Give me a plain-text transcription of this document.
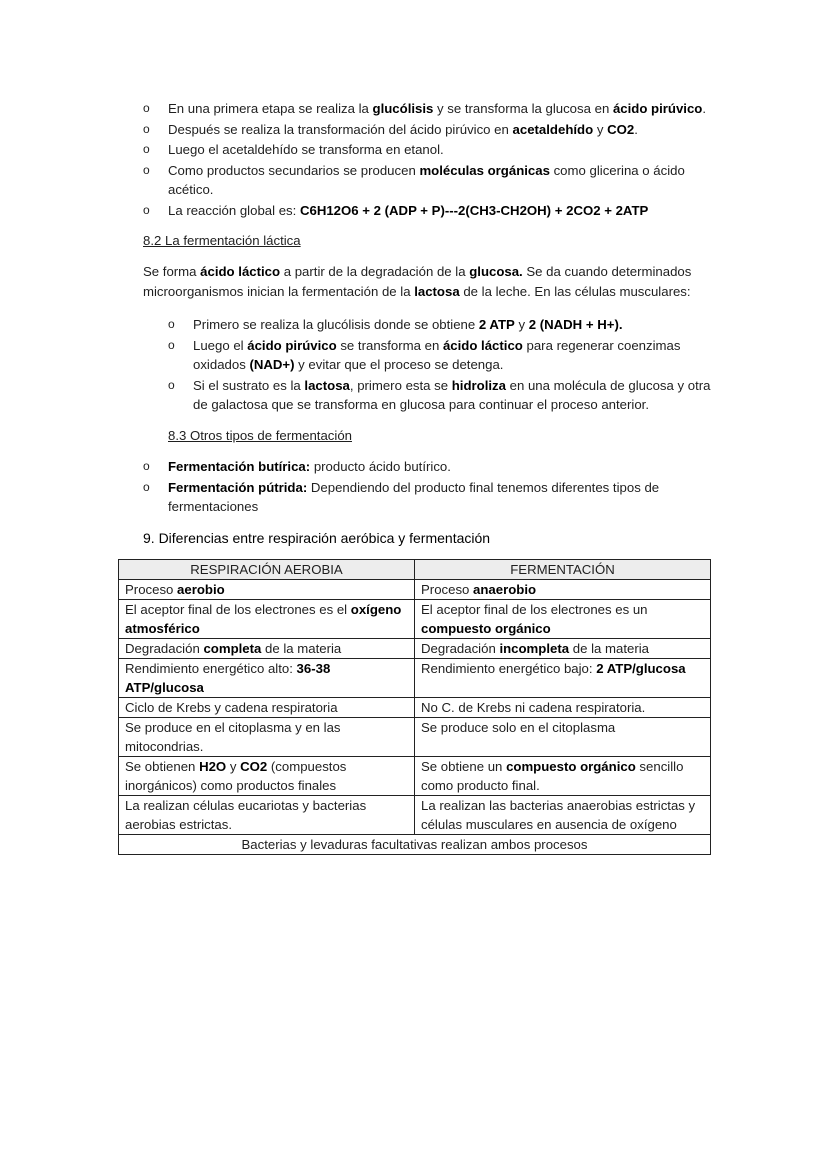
o En una primera etapa se realiza la glucólisis y se transforma la glucosa en ácido pirúvico.
o Después se realiza la transformación del ácido pirúvico en acetaldehído y CO2.
o Luego el acetaldehído se transforma en etanol.
o Como productos secundarios se producen moléculas orgánicas como glicerina o ácido acético.
o La reacción global es: C6H12O6 + 2 (ADP + P)---2(CH3-CH2OH) + 2CO2 + 2ATP

8.2 La fermentación láctica

Se forma ácido láctico a partir de la degradación de la glucosa. Se da cuando determinados microorganismos inician la fermentación de la lactosa de la leche. En las células musculares:

o Primero se realiza la glucólisis donde se obtiene 2 ATP y 2 (NADH + H+).
o Luego el ácido pirúvico se transforma en ácido láctico para regenerar coenzimas oxidados (NAD+) y evitar que el proceso se detenga.
o Si el sustrato es la lactosa, primero esta se hidroliza en una molécula de glucosa y otra de galactosa que se transforma en glucosa para continuar el proceso anterior.

8.3 Otros tipos de fermentación

o Fermentación butírica: producto ácido butírico.
o Fermentación pútrida: Dependiendo del producto final tenemos diferentes tipos de fermentaciones
9. Diferencias entre respiración aeróbica y fermentación
RESPIRACIÓN AEROBIA	FERMENTACIÓN
Proceso aerobio	Proceso anaerobio
El aceptor final de los electrones es el oxígeno atmosférico	El aceptor final de los electrones es un compuesto orgánico
Degradación completa de la materia	Degradación incompleta de la materia
Rendimiento energético alto: 36-38 ATP/glucosa	Rendimiento energético bajo: 2 ATP/glucosa
Ciclo de Krebs y cadena respiratoria	No C. de Krebs ni cadena respiratoria.
Se produce en el citoplasma y en las mitocondrias.	Se produce solo en el citoplasma
Se obtienen H2O y CO2 (compuestos inorgánicos) como productos finales	Se obtiene un compuesto orgánico sencillo como producto final.
La realizan células eucariotas y bacterias aerobias estrictas.	La realizan las bacterias anaerobias estrictas y células musculares en ausencia de oxígeno
Bacterias y levaduras facultativas realizan ambos procesos	
